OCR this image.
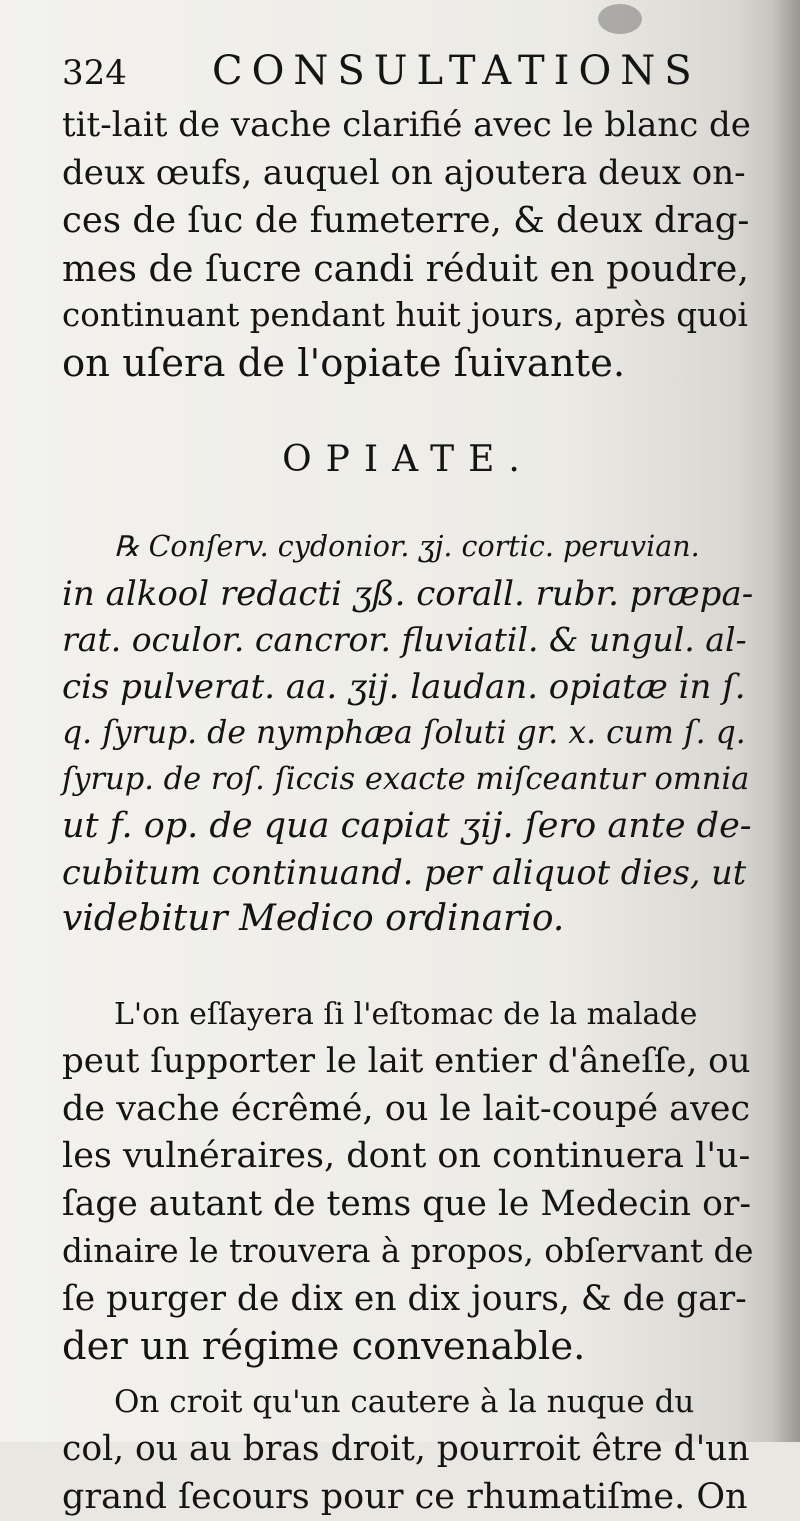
324	CONSULTATIONS

tit-lait de vache clarifié avec le blanc de
deux œufs, auquel on ajoutera deux on-
ces de ſuc de fumeterre, & deux drag-
mes de ſucre candi réduit en poudre,
continuant pendant huit jours, après quoi
on uſera de l'opiate ſuivante.

OPIATE.

℞ Conſerv. cydonior. ʒj. cortic. peruvian.
in alkool redacti ʒß. corall. rubr. præpa-
rat. oculor. cancror. fluviatil. & ungul. al-
cis pulverat. aa. ʒij. laudan. opiatæ in ſ.
q. ſyrup. de nymphæa ſoluti gr. x. cum ſ. q.
ſyrup. de roſ. ſiccis exacte miſceantur omnia
ut f. op. de qua capiat ʒij. ſero ante de-
cubitum continuand. per aliquot dies, ut
videbitur Medico ordinario.

L'on eſſayera ſi l'eſtomac de la malade
peut ſupporter le lait entier d'âneſſe, ou
de vache écrêmé, ou le lait-coupé avec
les vulnéraires, dont on continuera l'u-
ſage autant de tems que le Medecin or-
dinaire le trouvera à propos, obſervant de
ſe purger de dix en dix jours, & de gar-
der un régime convenable.

On croit qu'un cautere à la nuque du
col, ou au bras droit, pourroit être d'un
grand ſecours pour ce rhumatiſme. On
